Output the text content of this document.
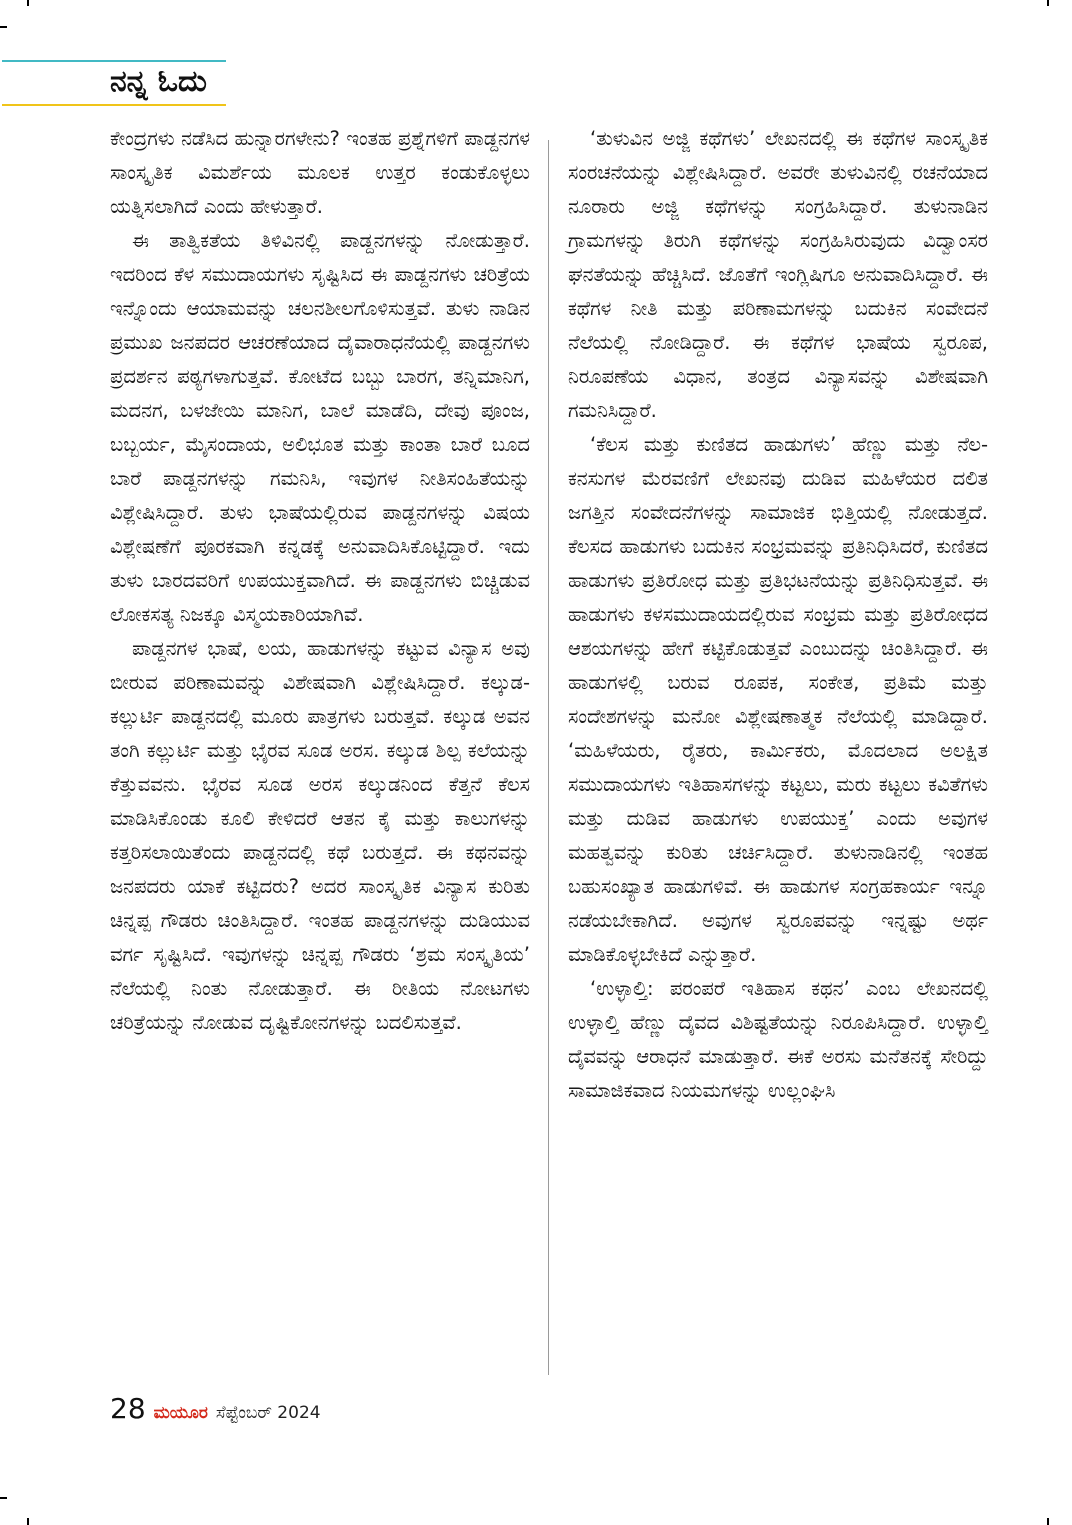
ನನ್ನ ಓದು

ಕೇಂದ್ರಗಳು ನಡೆಸಿದ ಹುನ್ನಾರಗಳೇನು? ಇಂತಹ ಪ್ರಶ್ನೆಗಳಿಗೆ ಪಾಡ್ದನಗಳ ಸಾಂಸ್ಕೃತಿಕ ವಿಮರ್ಶೆಯ ಮೂಲಕ ಉತ್ತರ ಕಂಡುಕೊಳ್ಳಲು ಯತ್ನಿಸಲಾಗಿದೆ ಎಂದು ಹೇಳುತ್ತಾರೆ.

ಈ ತಾತ್ವಿಕತೆಯ ತಿಳಿವಿನಲ್ಲಿ ಪಾಡ್ದನಗಳನ್ನು ನೋಡುತ್ತಾರೆ. ಇದರಿಂದ ಕೆಳ ಸಮುದಾಯಗಳು ಸೃಷ್ಟಿಸಿದ ಈ ಪಾಡ್ದನಗಳು ಚರಿತ್ರೆಯ ಇನ್ನೊಂದು ಆಯಾಮವನ್ನು ಚಲನಶೀಲಗೊಳಿಸುತ್ತವೆ. ತುಳು ನಾಡಿನ ಪ್ರಮುಖ ಜನಪದರ ಆಚರಣೆಯಾದ ದೈವಾರಾಧನೆಯಲ್ಲಿ ಪಾಡ್ದನಗಳು ಪ್ರದರ್ಶನ ಪಠ್ಯಗಳಾಗುತ್ತವೆ. ಕೋಟೆದ ಬಬ್ಬು ಬಾರಗ, ತನ್ನಿಮಾನಿಗ, ಮದನಗ, ಬಳಜೇಯಿ ಮಾನಿಗ, ಬಾಲೆ ಮಾಡೆದಿ, ದೇವು ಪೂಂಜ, ಬಬ್ಬರ್ಯ, ಮೈಸಂದಾಯ, ಅಲಿಭೂತ ಮತ್ತು ಕಾಂತಾ ಬಾರೆ ಬೂದ ಬಾರೆ ಪಾಡ್ದನಗಳನ್ನು ಗಮನಿಸಿ, ಇವುಗಳ ನೀತಿಸಂಹಿತೆಯನ್ನು ವಿಶ್ಲೇಷಿಸಿದ್ದಾರೆ. ತುಳು ಭಾಷೆಯಲ್ಲಿರುವ ಪಾಡ್ದನಗಳನ್ನು ವಿಷಯ ವಿಶ್ಲೇಷಣೆಗೆ ಪೂರಕವಾಗಿ ಕನ್ನಡಕ್ಕೆ ಅನುವಾದಿಸಿಕೊಟ್ಟಿದ್ದಾರೆ. ಇದು ತುಳು ಬಾರದವರಿಗೆ ಉಪಯುಕ್ತವಾಗಿದೆ. ಈ ಪಾಡ್ದನಗಳು ಬಿಚ್ಚಿಡುವ ಲೋಕಸತ್ಯ ನಿಜಕ್ಕೂ ವಿಸ್ಮಯಕಾರಿಯಾಗಿವೆ.

ಪಾಡ್ದನಗಳ ಭಾಷೆ, ಲಯ, ಹಾಡುಗಳನ್ನು ಕಟ್ಟುವ ವಿನ್ಯಾಸ ಅವು ಬೀರುವ ಪರಿಣಾಮವನ್ನು ವಿಶೇಷವಾಗಿ ವಿಶ್ಲೇಷಿಸಿದ್ದಾರೆ. ಕಲ್ಕುಡ-ಕಲ್ಲುರ್ಟಿ ಪಾಡ್ದನದಲ್ಲಿ ಮೂರು ಪಾತ್ರಗಳು ಬರುತ್ತವೆ. ಕಲ್ಕುಡ ಅವನ ತಂಗಿ ಕಲ್ಲುರ್ಟಿ ಮತ್ತು ಭೈರವ ಸೂಡ ಅರಸ. ಕಲ್ಕುಡ ಶಿಲ್ಪ ಕಲೆಯನ್ನು ಕೆತ್ತುವವನು. ಭೈರವ ಸೂಡ ಅರಸ ಕಲ್ಕುಡನಿಂದ ಕೆತ್ತನೆ ಕೆಲಸ ಮಾಡಿಸಿಕೊಂಡು ಕೂಲಿ ಕೇಳಿದರೆ ಆತನ ಕೈ ಮತ್ತು ಕಾಲುಗಳನ್ನು ಕತ್ತರಿಸಲಾಯಿತೆಂದು ಪಾಡ್ದನದಲ್ಲಿ ಕಥೆ ಬರುತ್ತದೆ. ಈ ಕಥನವನ್ನು ಜನಪದರು ಯಾಕೆ ಕಟ್ಟಿದರು? ಅದರ ಸಾಂಸ್ಕೃತಿಕ ವಿನ್ಯಾಸ ಕುರಿತು ಚಿನ್ನಪ್ಪ ಗೌಡರು ಚಿಂತಿಸಿದ್ದಾರೆ. ಇಂತಹ ಪಾಡ್ದನಗಳನ್ನು ದುಡಿಯುವ ವರ್ಗ ಸೃಷ್ಟಿಸಿದೆ. ಇವುಗಳನ್ನು ಚಿನ್ನಪ್ಪ ಗೌಡರು ‘ಶ್ರಮ ಸಂಸ್ಕೃತಿಯ’ ನೆಲೆಯಲ್ಲಿ ನಿಂತು ನೋಡುತ್ತಾರೆ. ಈ ರೀತಿಯ ನೋಟಗಳು ಚರಿತ್ರೆಯನ್ನು ನೋಡುವ ದೃಷ್ಟಿಕೋನಗಳನ್ನು ಬದಲಿಸುತ್ತವೆ.

‘ತುಳುವಿನ ಅಜ್ಜಿ ಕಥೆಗಳು’ ಲೇಖನದಲ್ಲಿ ಈ ಕಥೆಗಳ ಸಾಂಸ್ಕೃತಿಕ ಸಂರಚನೆಯನ್ನು ವಿಶ್ಲೇಷಿಸಿದ್ದಾರೆ. ಅವರೇ ತುಳುವಿನಲ್ಲಿ ರಚನೆಯಾದ ನೂರಾರು ಅಜ್ಜಿ ಕಥೆಗಳನ್ನು ಸಂಗ್ರಹಿಸಿದ್ದಾರೆ. ತುಳುನಾಡಿನ ಗ್ರಾಮಗಳನ್ನು ತಿರುಗಿ ಕಥೆಗಳನ್ನು ಸಂಗ್ರಹಿಸಿರುವುದು ವಿದ್ವಾಂಸರ ಘನತೆಯನ್ನು ಹೆಚ್ಚಿಸಿದೆ. ಜೊತೆಗೆ ಇಂಗ್ಲಿಷಿಗೂ ಅನುವಾದಿಸಿದ್ದಾರೆ. ಈ ಕಥೆಗಳ ನೀತಿ ಮತ್ತು ಪರಿಣಾಮಗಳನ್ನು ಬದುಕಿನ ಸಂವೇದನೆ ನೆಲೆಯಲ್ಲಿ ನೋಡಿದ್ದಾರೆ. ಈ ಕಥೆಗಳ ಭಾಷೆಯ ಸ್ವರೂಪ, ನಿರೂಪಣೆಯ ವಿಧಾನ, ತಂತ್ರದ ವಿನ್ಯಾಸವನ್ನು ವಿಶೇಷವಾಗಿ ಗಮನಿಸಿದ್ದಾರೆ.

‘ಕೆಲಸ ಮತ್ತು ಕುಣಿತದ ಹಾಡುಗಳು’ ಹೆಣ್ಣು ಮತ್ತು ನೆಲ-ಕನಸುಗಳ ಮೆರವಣಿಗೆ ಲೇಖನವು ದುಡಿವ ಮಹಿಳೆಯರ ದಲಿತ ಜಗತ್ತಿನ ಸಂವೇದನೆಗಳನ್ನು ಸಾಮಾಜಿಕ ಭಿತ್ತಿಯಲ್ಲಿ ನೋಡುತ್ತದೆ. ಕೆಲಸದ ಹಾಡುಗಳು ಬದುಕಿನ ಸಂಭ್ರಮವನ್ನು ಪ್ರತಿನಿಧಿಸಿದರೆ, ಕುಣಿತದ ಹಾಡುಗಳು ಪ್ರತಿರೋಧ ಮತ್ತು ಪ್ರತಿಭಟನೆಯನ್ನು ಪ್ರತಿನಿಧಿಸುತ್ತವೆ. ಈ ಹಾಡುಗಳು ಕಳಸಮುದಾಯದಲ್ಲಿರುವ ಸಂಭ್ರಮ ಮತ್ತು ಪ್ರತಿರೋಧದ ಆಶಯಗಳನ್ನು ಹೇಗೆ ಕಟ್ಟಿಕೊಡುತ್ತವೆ ಎಂಬುದನ್ನು ಚಿಂತಿಸಿದ್ದಾರೆ. ಈ ಹಾಡುಗಳಲ್ಲಿ ಬರುವ ರೂಪಕ, ಸಂಕೇತ, ಪ್ರತಿಮೆ ಮತ್ತು ಸಂದೇಶಗಳನ್ನು ಮನೋ ವಿಶ್ಲೇಷಣಾತ್ಮಕ ನೆಲೆಯಲ್ಲಿ ಮಾಡಿದ್ದಾರೆ. ‘ಮಹಿಳೆಯರು, ರೈತರು, ಕಾರ್ಮಿಕರು, ಮೊದಲಾದ ಅಲಕ್ಷಿತ ಸಮುದಾಯಗಳು ಇತಿಹಾಸಗಳನ್ನು ಕಟ್ಟಲು, ಮರು ಕಟ್ಟಲು ಕವಿತೆಗಳು ಮತ್ತು ದುಡಿವ ಹಾಡುಗಳು ಉಪಯುಕ್ತ’ ಎಂದು ಅವುಗಳ ಮಹತ್ವವನ್ನು ಕುರಿತು ಚರ್ಚಿಸಿದ್ದಾರೆ. ತುಳುನಾಡಿನಲ್ಲಿ ಇಂತಹ ಬಹುಸಂಖ್ಯಾತ ಹಾಡುಗಳಿವೆ. ಈ ಹಾಡುಗಳ ಸಂಗ್ರಹಕಾರ್ಯ ಇನ್ನೂ ನಡೆಯಬೇಕಾಗಿದೆ. ಅವುಗಳ ಸ್ವರೂಪವನ್ನು ಇನ್ನಷ್ಟು ಅರ್ಥ ಮಾಡಿಕೊಳ್ಳಬೇಕಿದೆ ಎನ್ನುತ್ತಾರೆ.

‘ಉಳ್ಳಾಲ್ತಿ: ಪರಂಪರೆ ಇತಿಹಾಸ ಕಥನ’ ಎಂಬ ಲೇಖನದಲ್ಲಿ ಉಳ್ಳಾಲ್ತಿ ಹೆಣ್ಣು ದೈವದ ವಿಶಿಷ್ಟತೆಯನ್ನು ನಿರೂಪಿಸಿದ್ದಾರೆ. ಉಳ್ಳಾಲ್ತಿ ದೈವವನ್ನು ಆರಾಧನೆ ಮಾಡುತ್ತಾರೆ. ಈಕೆ ಅರಸು ಮನೆತನಕ್ಕೆ ಸೇರಿದ್ದು ಸಾಮಾಜಿಕವಾದ ನಿಯಮಗಳನ್ನು ಉಲ್ಲಂಘಿಸಿ

28 ಮಯೂರ ಸೆಪ್ಟೆಂಬರ್ 2024
